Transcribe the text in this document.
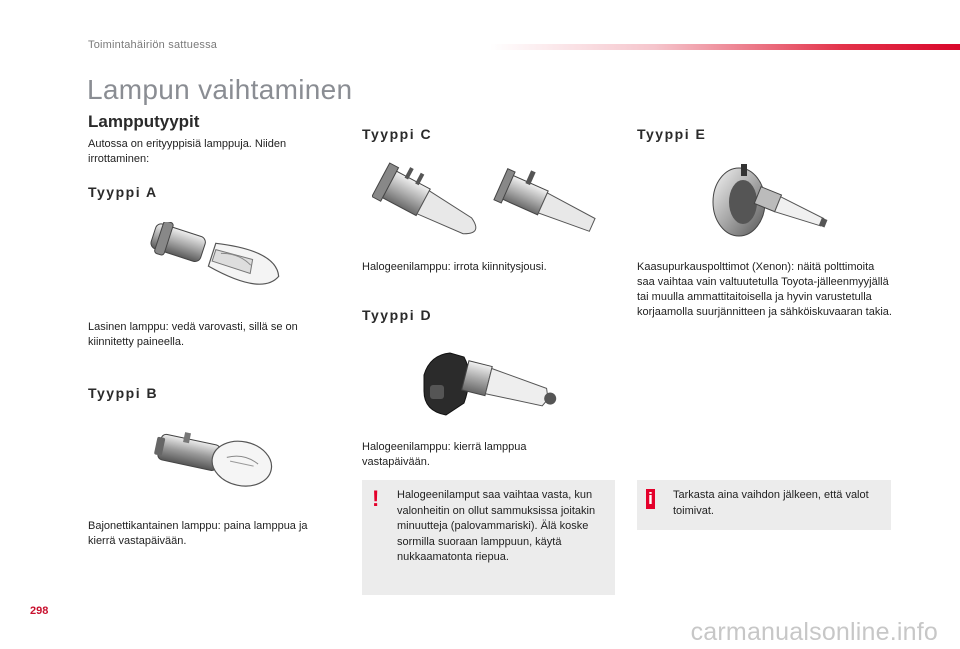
Toimintahäiriön sattuessa
Lampun vaihtaminen
Lampputyypit
Autossa on erityyppisiä lamppuja. Niiden irrottaminen:
Tyyppi A
Lasinen lamppu: vedä varovasti, sillä se on kiinnitetty paineella.
Tyyppi B
Bajonettikantainen lamppu: paina lamppua ja kierrä vastapäivään.
Tyyppi C
Halogeenilamppu: irrota kiinnitysjousi.
Tyyppi D
Halogeenilamppu: kierrä lamppua vastapäivään.
Tyyppi E
Kaasupurkauspolttimot (Xenon): näitä polttimoita saa vaihtaa vain valtuutetulla Toyota-jälleenmyyjällä tai muulla ammattitaitoisella ja hyvin varustetulla korjaamolla suurjännitteen ja sähköiskuvaaran takia.
! Halogeenilamput saa vaihtaa vasta, kun valonheitin on ollut sammuksissa joitakin minuutteja (palovammariski). Älä koske sormilla suoraan lamppuun, käytä nukkaamatonta riepua.
i Tarkasta aina vaihdon jälkeen, että valot toimivat.
298
carmanualsonline.info
